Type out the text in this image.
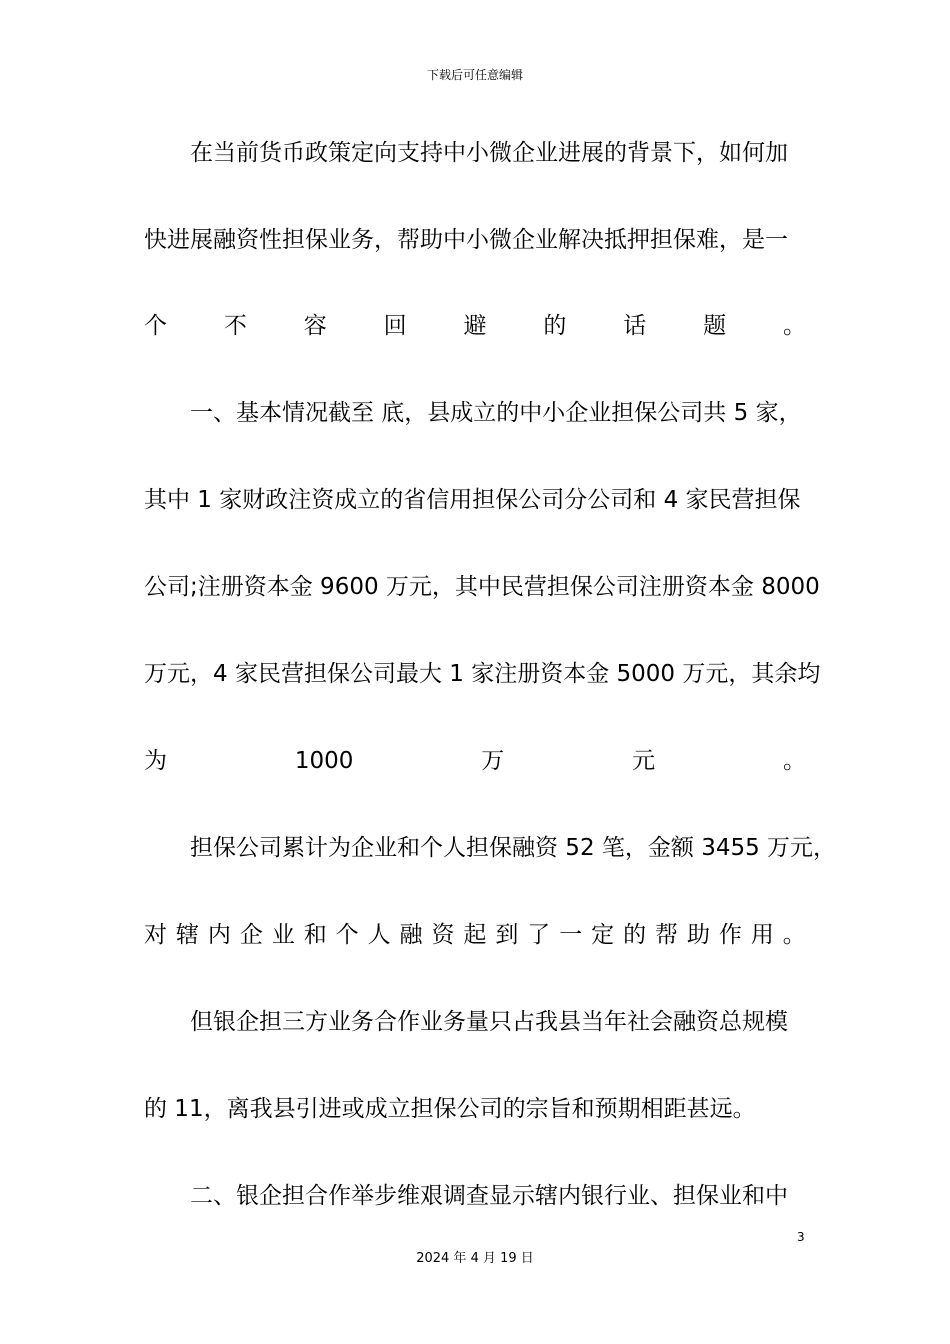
下载后可任意编辑
在当前货币政策定向支持中小微企业进展的背景下，如何加
快进展融资性担保业务，帮助中小微企业解决抵押担保难，是一
个 不 容 回 避 的 话 题 。
一、基本情况截至 底，县成立的中小企业担保公司共 5 家，
其中 1 家财政注资成立的省信用担保公司分公司和 4 家民营担保
公司;注册资本金 9600 万元，其中民营担保公司注册资本金 8000
万元，4 家民营担保公司最大 1 家注册资本金 5000 万元，其余均
为	1000	万	元	。
担保公司累计为企业和个人担保融资 52 笔，金额 3455 万元，
对 辖 内 企 业 和 个 人 融 资 起 到 了 一 定 的 帮 助 作 用 。
但银企担三方业务合作业务量只占我县当年社会融资总规模
的 11，离我县引进或成立担保公司的宗旨和预期相距甚远。
二、银企担合作举步维艰调查显示辖内银行业、担保业和中
3
2024 年 4 月 19 日
